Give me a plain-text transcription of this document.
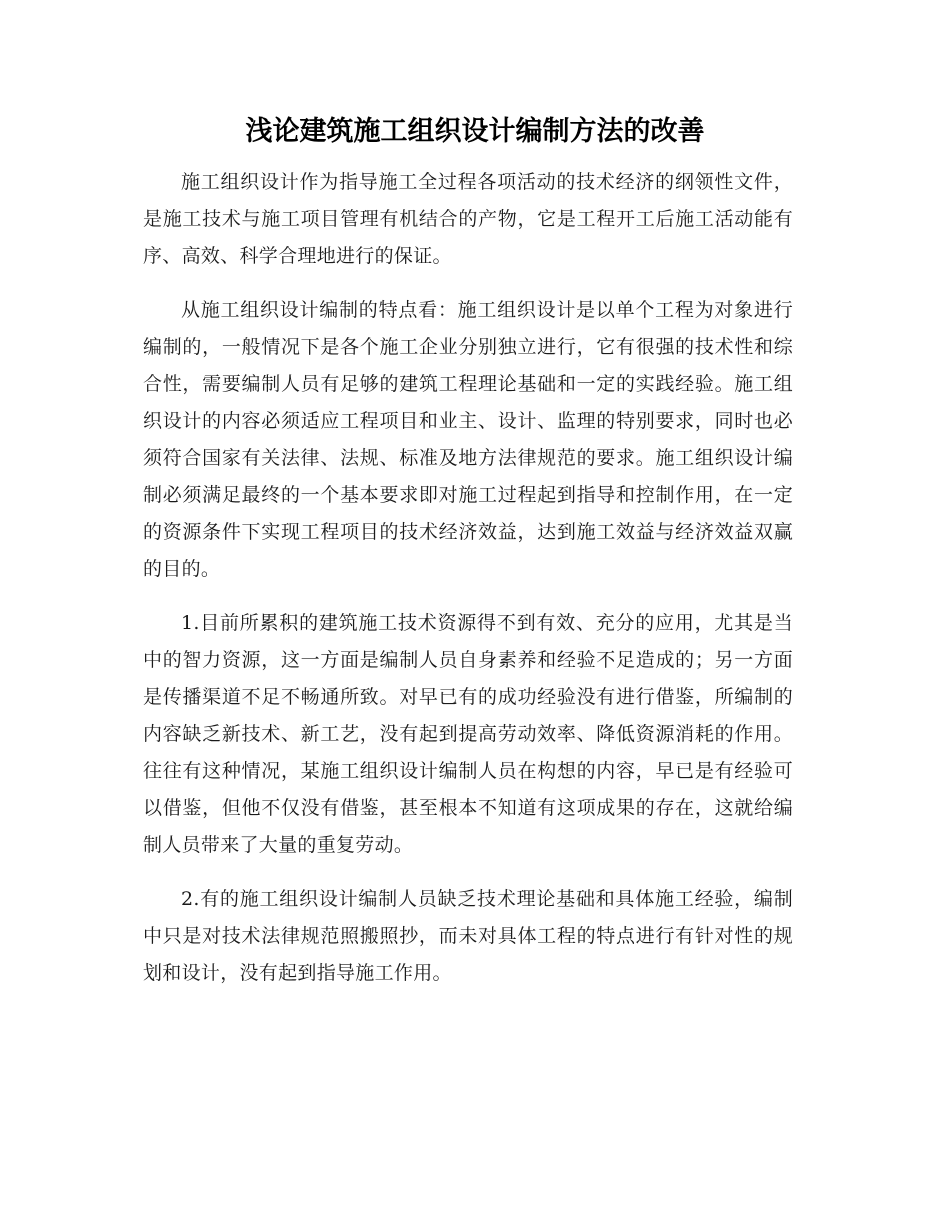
浅论建筑施工组织设计编制方法的改善

施工组织设计作为指导施工全过程各项活动的技术经济的纲领性文件，是施工技术与施工项目管理有机结合的产物，它是工程开工后施工活动能有序、高效、科学合理地进行的保证。

从施工组织设计编制的特点看：施工组织设计是以单个工程为对象进行编制的，一般情况下是各个施工企业分别独立进行，它有很强的技术性和综合性，需要编制人员有足够的建筑工程理论基础和一定的实践经验。施工组织设计的内容必须适应工程项目和业主、设计、监理的特别要求，同时也必须符合国家有关法律、法规、标准及地方法律规范的要求。施工组织设计编制必须满足最终的一个基本要求即对施工过程起到指导和控制作用，在一定的资源条件下实现工程项目的技术经济效益，达到施工效益与经济效益双赢的目的。

1.目前所累积的建筑施工技术资源得不到有效、充分的应用，尤其是当中的智力资源，这一方面是编制人员自身素养和经验不足造成的；另一方面是传播渠道不足不畅通所致。对早已有的成功经验没有进行借鉴，所编制的内容缺乏新技术、新工艺，没有起到提高劳动效率、降低资源消耗的作用。往往有这种情况，某施工组织设计编制人员在构想的内容，早已是有经验可以借鉴，但他不仅没有借鉴，甚至根本不知道有这项成果的存在，这就给编制人员带来了大量的重复劳动。

2.有的施工组织设计编制人员缺乏技术理论基础和具体施工经验，编制中只是对技术法律规范照搬照抄，而未对具体工程的特点进行有针对性的规划和设计，没有起到指导施工作用。
